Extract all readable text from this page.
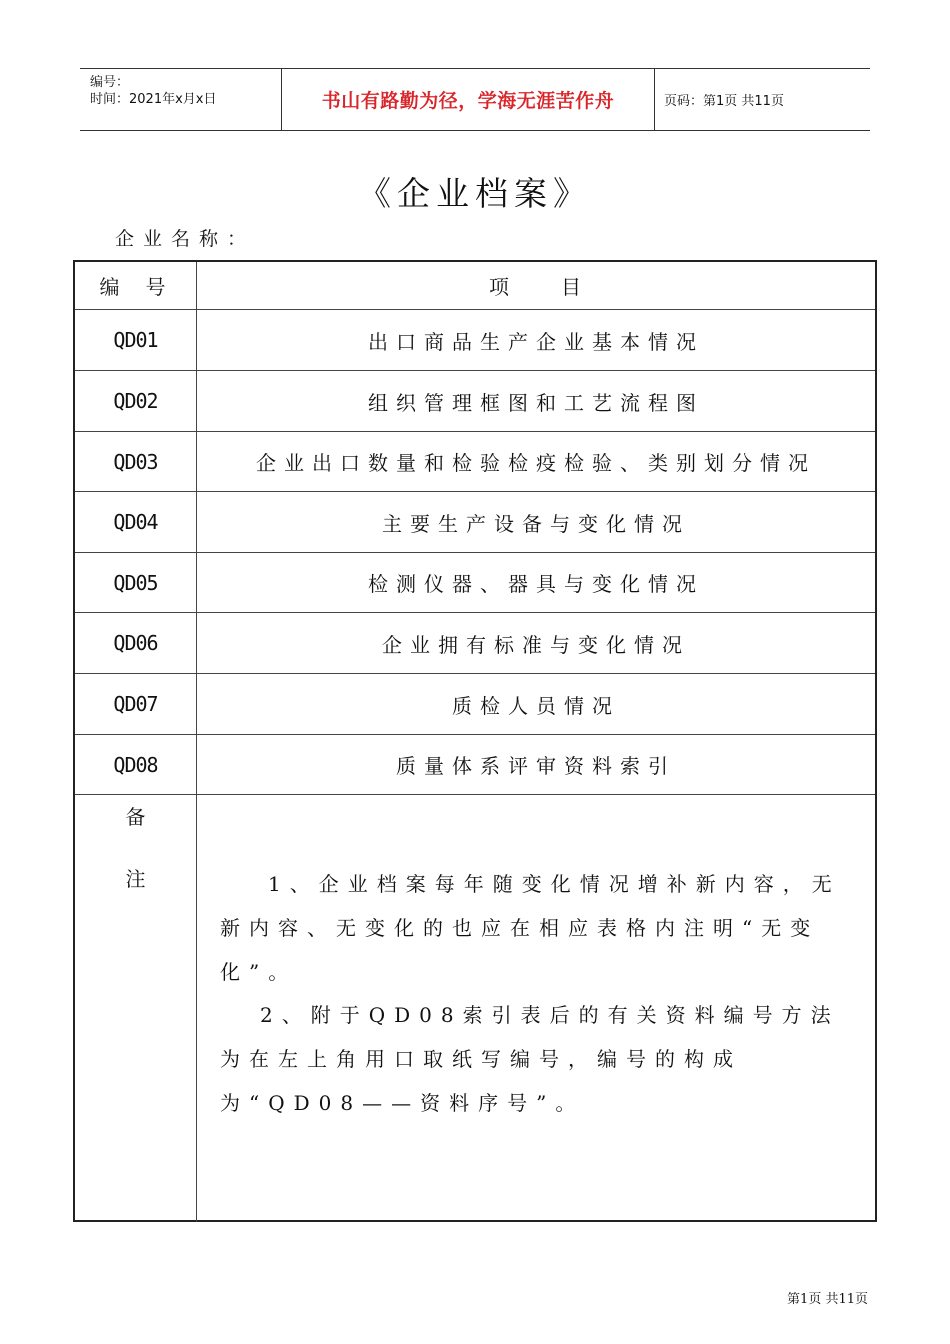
编号：
时间：2021年x月x日	书山有路勤为径，学海无涯苦作舟	页码：第1页 共11页
《企业档案》
企业名称：
编号	项目
QD01	出口商品生产企业基本情况
QD02	组织管理框图和工艺流程图
QD03	企业出口数量和检验检疫检验、类别划分情况
QD04	主要生产设备与变化情况
QD05	检测仪器、器具与变化情况
QD06	企业拥有标准与变化情况
QD07	质检人员情况
QD08	质量体系评审资料索引
备
注	1、企业档案每年随变化情况增补新内容，无新内容、无变化的也应在相应表格内注明“无变化”。
2、附于QD08索引表后的有关资料编号方法为在左上角用口取纸写编号，编号的构成为“QD08——资料序号”。
第1页 共11页
